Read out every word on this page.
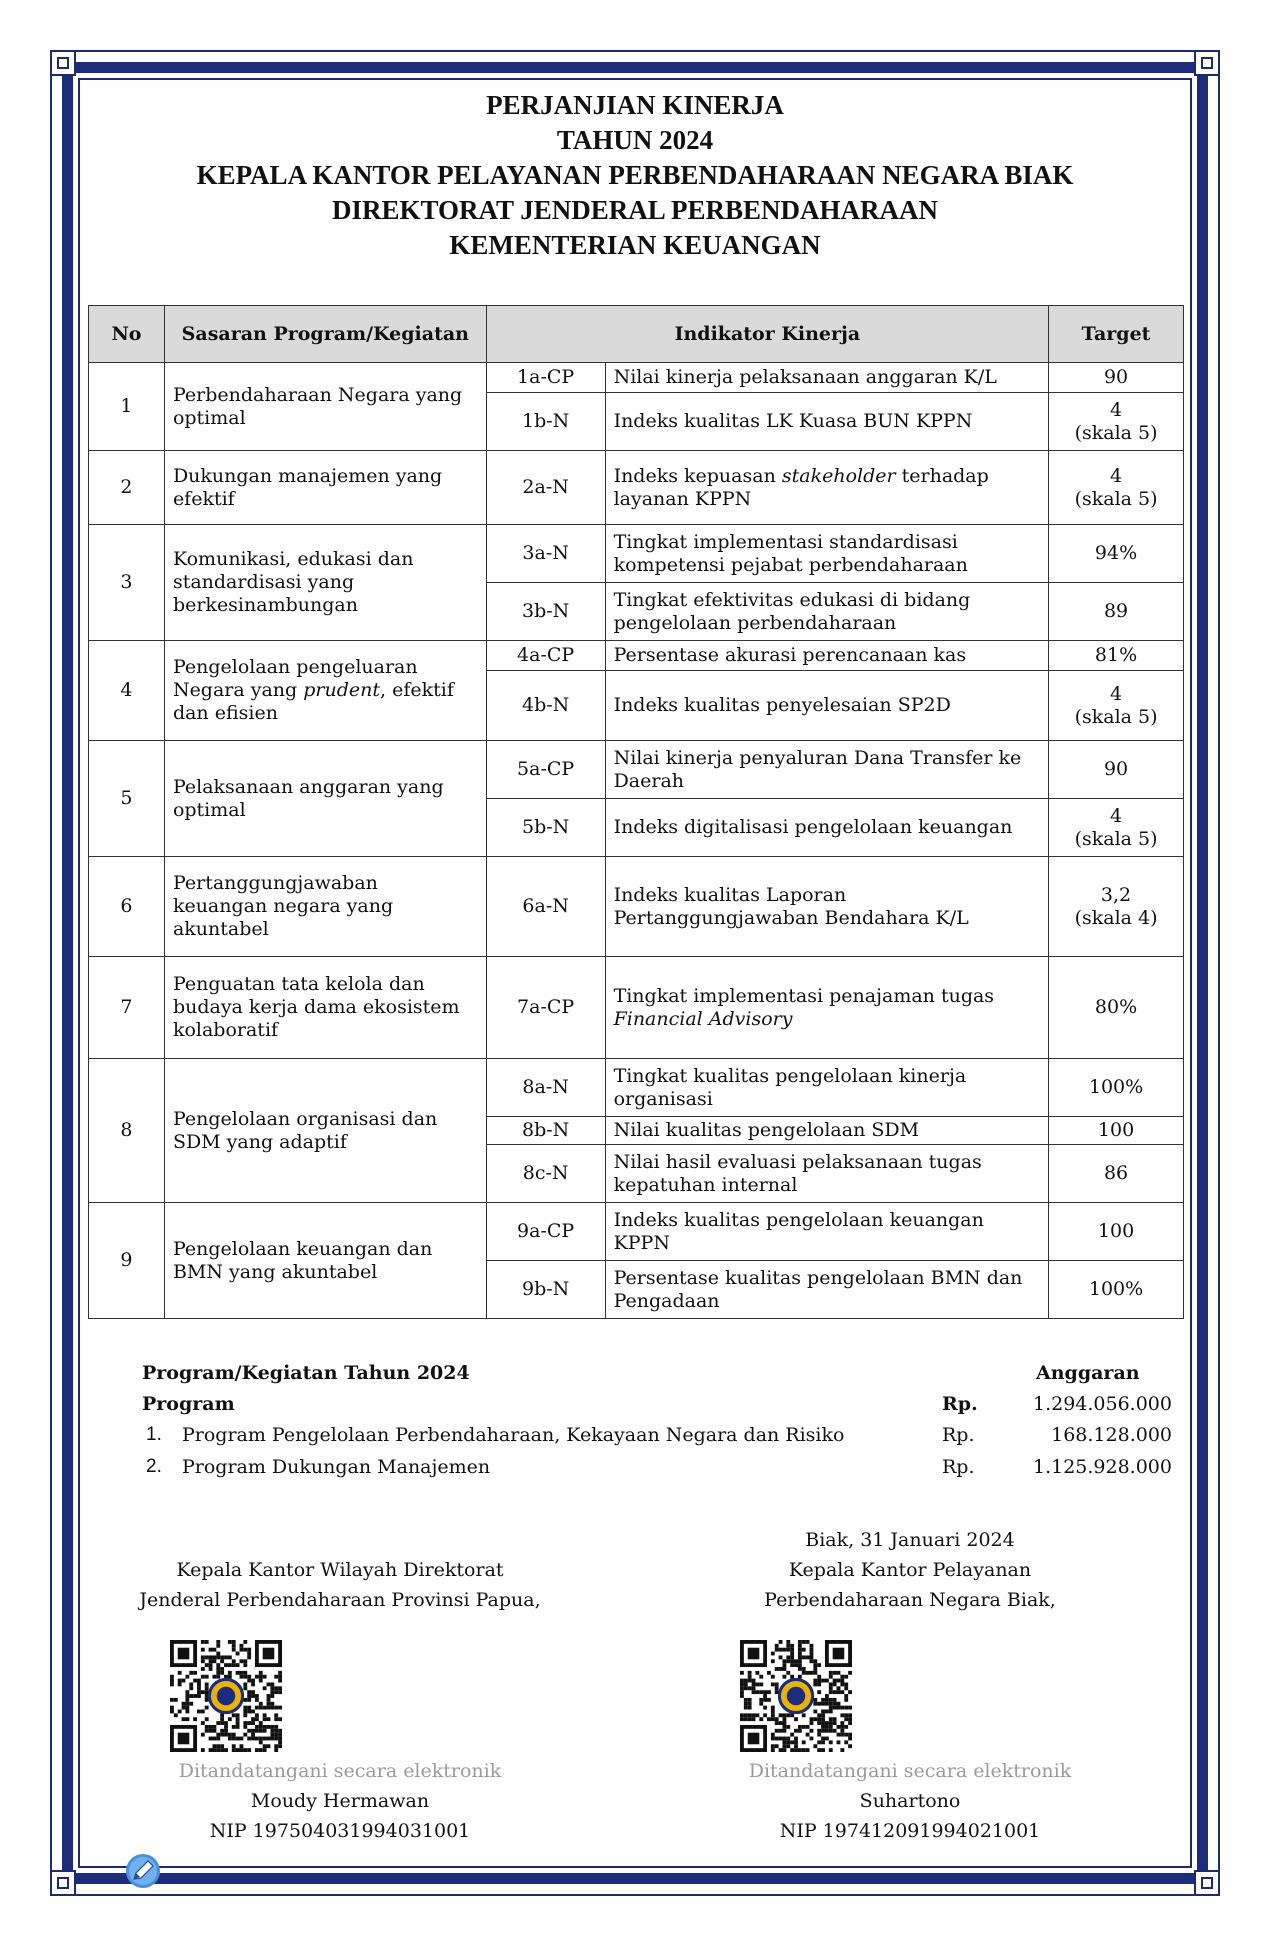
PERJANJIAN KINERJA
TAHUN 2024
KEPALA KANTOR PELAYANAN PERBENDAHARAAN NEGARA BIAK
DIREKTORAT JENDERAL PERBENDAHARAAN
KEMENTERIAN KEUANGAN
No	Sasaran Program/Kegiatan	Indikator Kinerja		Target
1	Perbendaharaan Negara yang optimal	1a-CP	Nilai kinerja pelaksanaan anggaran K/L	90
		1b-N	Indeks kualitas LK Kuasa BUN KPPN	4
(skala 5)
2	Dukungan manajemen yang efektif	2a-N	Indeks kepuasan stakeholder terhadap layanan KPPN	4
(skala 5)
3	Komunikasi, edukasi dan standardisasi yang berkesinambungan	3a-N	Tingkat implementasi standardisasi kompetensi pejabat perbendaharaan	94%
		3b-N	Tingkat efektivitas edukasi di bidang pengelolaan perbendaharaan	89
4	Pengelolaan pengeluaran Negara yang prudent, efektif dan efisien	4a-CP	Persentase akurasi perencanaan kas	81%
		4b-N	Indeks kualitas penyelesaian SP2D	4
(skala 5)
5	Pelaksanaan anggaran yang optimal	5a-CP	Nilai kinerja penyaluran Dana Transfer ke Daerah	90
		5b-N	Indeks digitalisasi pengelolaan keuangan	4
(skala 5)
6	Pertanggungjawaban keuangan negara yang akuntabel	6a-N	Indeks kualitas Laporan Pertanggungjawaban Bendahara K/L	3,2
(skala 4)
7	Penguatan tata kelola dan budaya kerja dama ekosistem kolaboratif	7a-CP	Tingkat implementasi penajaman tugas Financial Advisory	80%
8	Pengelolaan organisasi dan SDM yang adaptif	8a-N	Tingkat kualitas pengelolaan kinerja organisasi	100%
		8b-N	Nilai kualitas pengelolaan SDM	100
		8c-N	Nilai hasil evaluasi pelaksanaan tugas kepatuhan internal	86
9	Pengelolaan keuangan dan BMN yang akuntabel	9a-CP	Indeks kualitas pengelolaan keuangan KPPN	100
		9b-N	Persentase kualitas pengelolaan BMN dan Pengadaan	100%
Program/Kegiatan Tahun 2024	Anggaran
Program	Rp.	1.294.056.000
1. Program Pengelolaan Perbendaharaan, Kekayaan Negara dan Risiko	Rp.	168.128.000
2. Program Dukungan Manajemen	Rp.	1.125.928.000
Biak, 31 Januari 2024
Kepala Kantor Pelayanan
Perbendaharaan Negara Biak,
Kepala Kantor Wilayah Direktorat
Jenderal Perbendaharaan Provinsi Papua,
Ditandatangani secara elektronik
Moudy Hermawan
NIP 197504031994031001
Ditandatangani secara elektronik
Suhartono
NIP 197412091994021001
